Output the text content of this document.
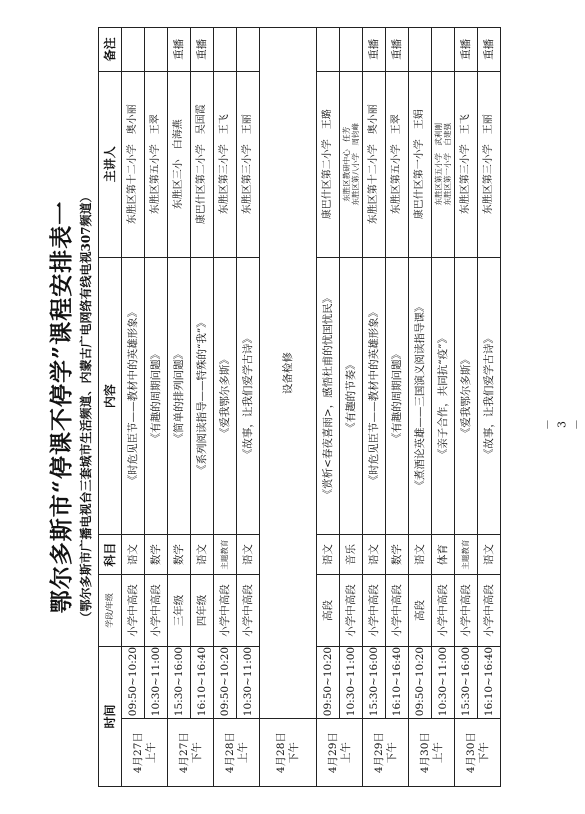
鄂尔多斯市“停课不停学”课程安排表一 （鄂尔多斯市广播电视台三套城市生活频道、内蒙古广电网络有线电视307频道）
时间		学段/年级	科目	内容	主讲人	备注
4月27日
上午	09:50~10:20	小学中高段	语文	《时危见臣节——教材中的英雄形象》	东胜区第十二小学　奥小丽	
	10:30~11:00	小学中高段	数学	《有趣的周期问题》	东胜区第五小学　王翠	
4月27日
下午	15:30~16:00	三年级	数学	《简单的排列问题》	东胜区三小　白海燕	重播
	16:10~16:40	四年级	语文	《系列阅读指导——特殊的“我”》	康巴什区第二小学　吴国霞	重播
4月28日
上午	09:50~10:20	小学中高段	主题教育	《爱我鄂尔多斯》	东胜区第三小学　王飞	
	10:30~11:00	小学中高段	语文	《故事，让我们爱学古诗》	东胜区第三小学　王丽	
4月28日
下午	设备检修					
4月29日
上午	09:50~10:20	高段	语文	《赏析<春夜喜雨>，感悟杜甫的忧国忧民》	康巴什区第二小学　王璐	
	10:30~11:00	小学中高段	音乐	《有趣的节奏》	东胜区教研中心　任芳 东胜区第八小学　周钧峰	

4月29日
下午	15:30~16:00	小学中高段	语文	《时危见臣节——教材中的英雄形象》	东胜区第十二小学　奥小丽	重播
	16:10~16:40	小学中高段	数学	《有趣的周期问题》	东胜区第五小学　王翠	重播
4月30日
上午	09:50~10:20	高段	语文	《煮酒论英雄——三国演义阅读指导课》	康巴什区第一小学　王娟	
	10:30~11:00	小学中高段	体育	《亲子合作，共同抗“疫”》	东胜区第五小学　武利刚 东胜区第一小学　白建强	

4月30日
下午	15:30~16:00	小学中高段	主题教育	《爱我鄂尔多斯》	东胜区第三小学　王飞	重播
	16:10~16:40	小学中高段	语文	《故事，让我们爱学古诗》	东胜区第三小学　王丽	重播
－ 3 －
